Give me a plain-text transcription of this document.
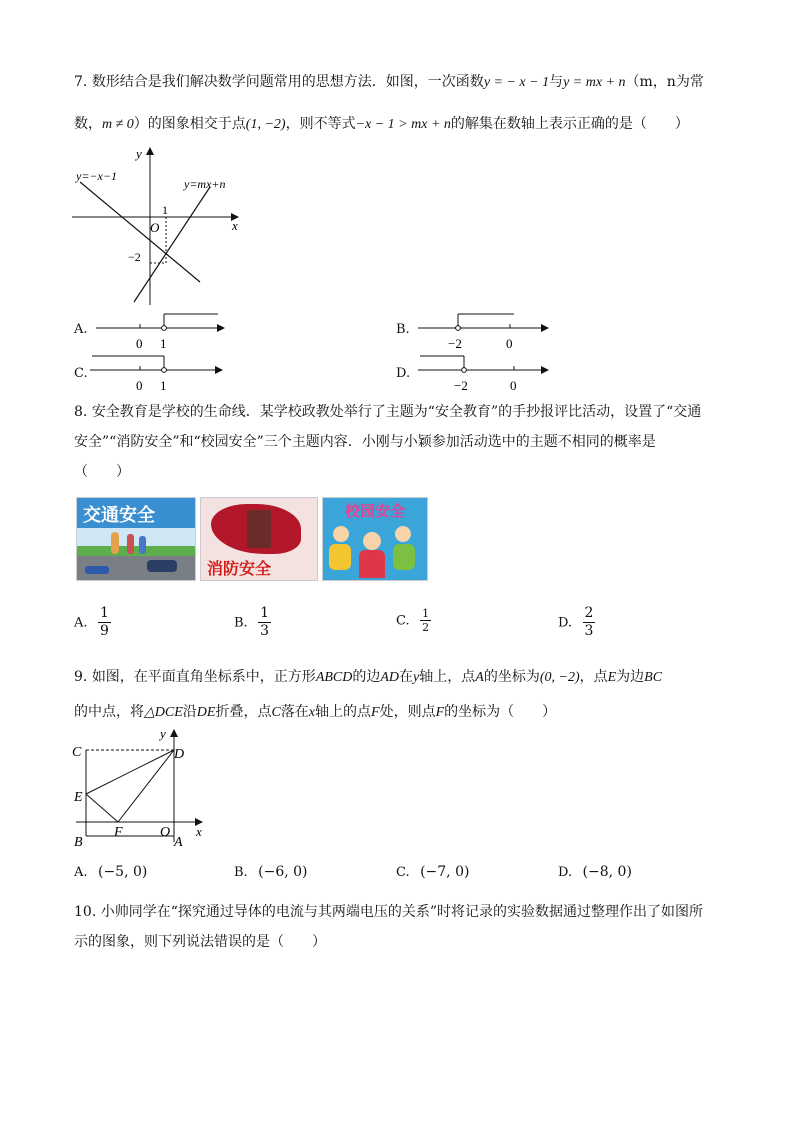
7. 数形结合是我们解决数学问题常用的思想方法．如图，一次函数y = − x − 1与y = mx + n（m，n为常
数，m ≠ 0）的图象相交于点(1, −2)，则不等式−x − 1 > mx + n的解集在数轴上表示正确的是（　　）
y=−x−1
y=mx+n
x
y
O
1
−2
A.
0 1
B.
−2	0
C.
0 1
D.
−2	0
8. 安全教育是学校的生命线．某学校政教处举行了主题为“安全教育”的手抄报评比活动，设置了“交通
安全”“消防安全”和“校园安全”三个主题内容．小刚与小颖参加活动选中的主题不相同的概率是
（　　）
交通安全
消防安全
校园安全
A. $\frac{1}{9}$	B. $\frac{1}{3}$	C. $\frac{1}{2}$	D. $\frac{2}{3}$
9. 如图，在平面直角坐标系中，正方形ABCD的边AD在y轴上，点A的坐标为(0, −2)，点E为边BC
的中点，将△DCE沿DE折叠，点C落在x轴上的点F处，则点F的坐标为（　　）
C	D
E
B
F	O
A
x
y
A. (−5, 0)	B. (−6, 0)	C. (−7, 0)	D. (−8, 0)
10. 小帅同学在“探究通过导体的电流与其两端电压的关系”时将记录的实验数据通过整理作出了如图所
示的图象，则下列说法错误的是（　　）
